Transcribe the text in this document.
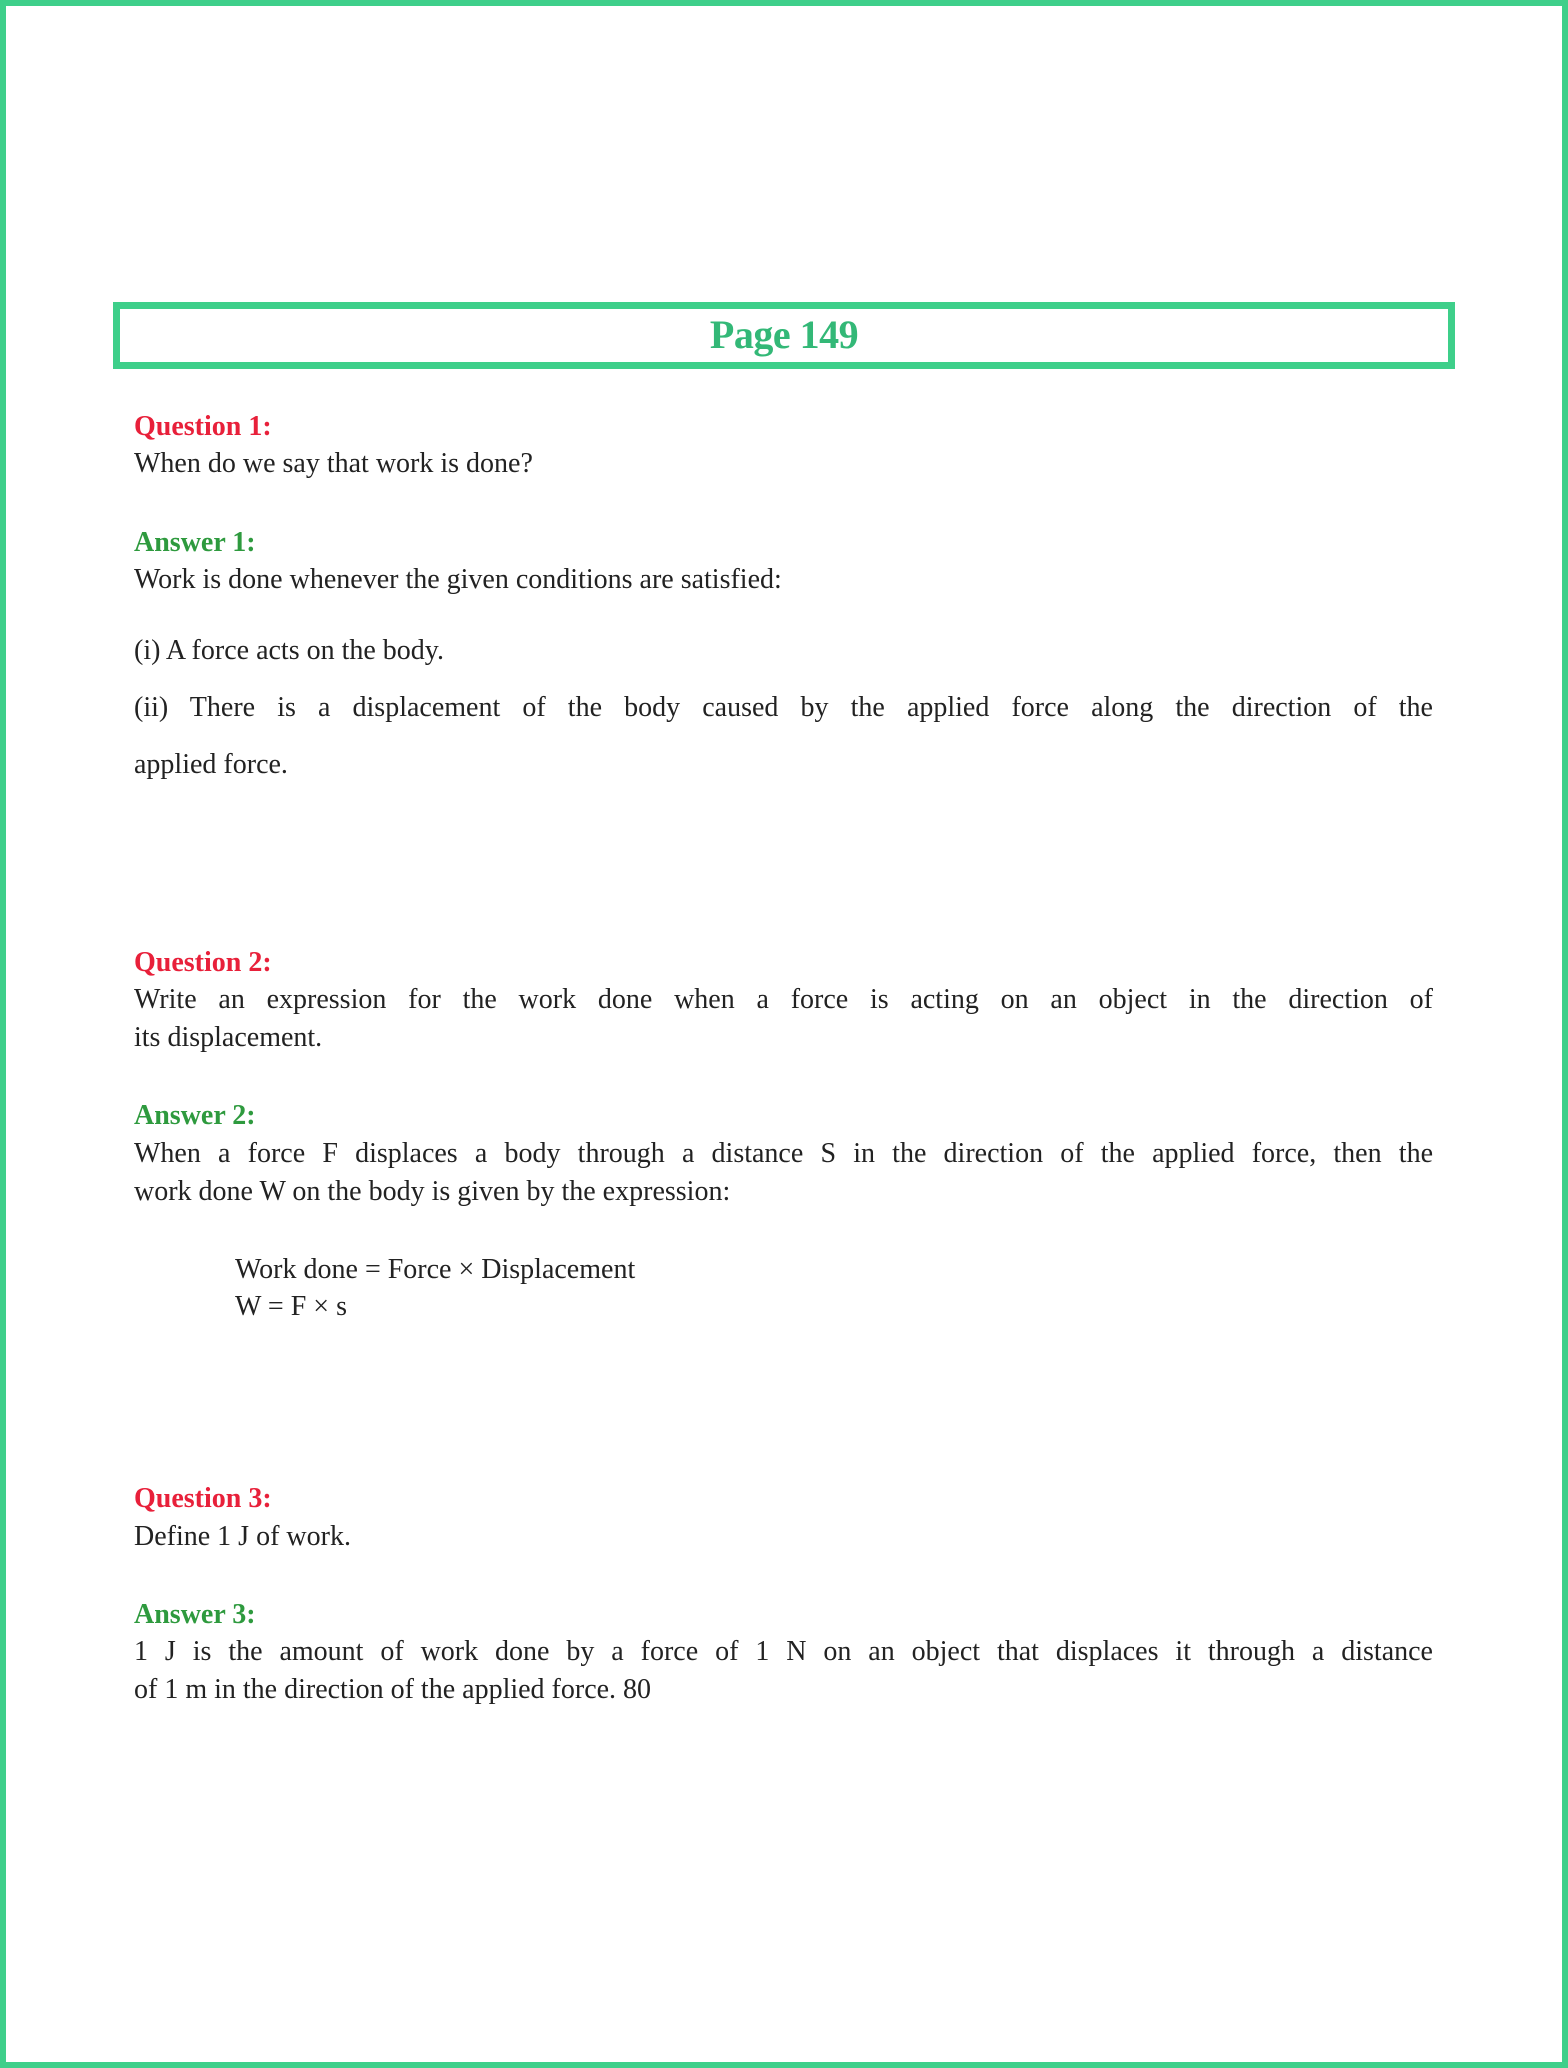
Page 149
Question 1:
When do we say that work is done?
Answer 1:
Work is done whenever the given conditions are satisfied:
(i) A force acts on the body.
(ii) There is a displacement of the body caused by the applied force along the direction of the
applied force.
Question 2:
Write an expression for the work done when a force is acting on an object in the direction of
its displacement.
Answer 2:
When a force F displaces a body through a distance S in the direction of the applied force, then the
work done W on the body is given by the expression:
Work done = Force × Displacement
W = F × s
Question 3:
Define 1 J of work.
Answer 3:
1 J is the amount of work done by a force of 1 N on an object that displaces it through a distance
of 1 m in the direction of the applied force. 80
